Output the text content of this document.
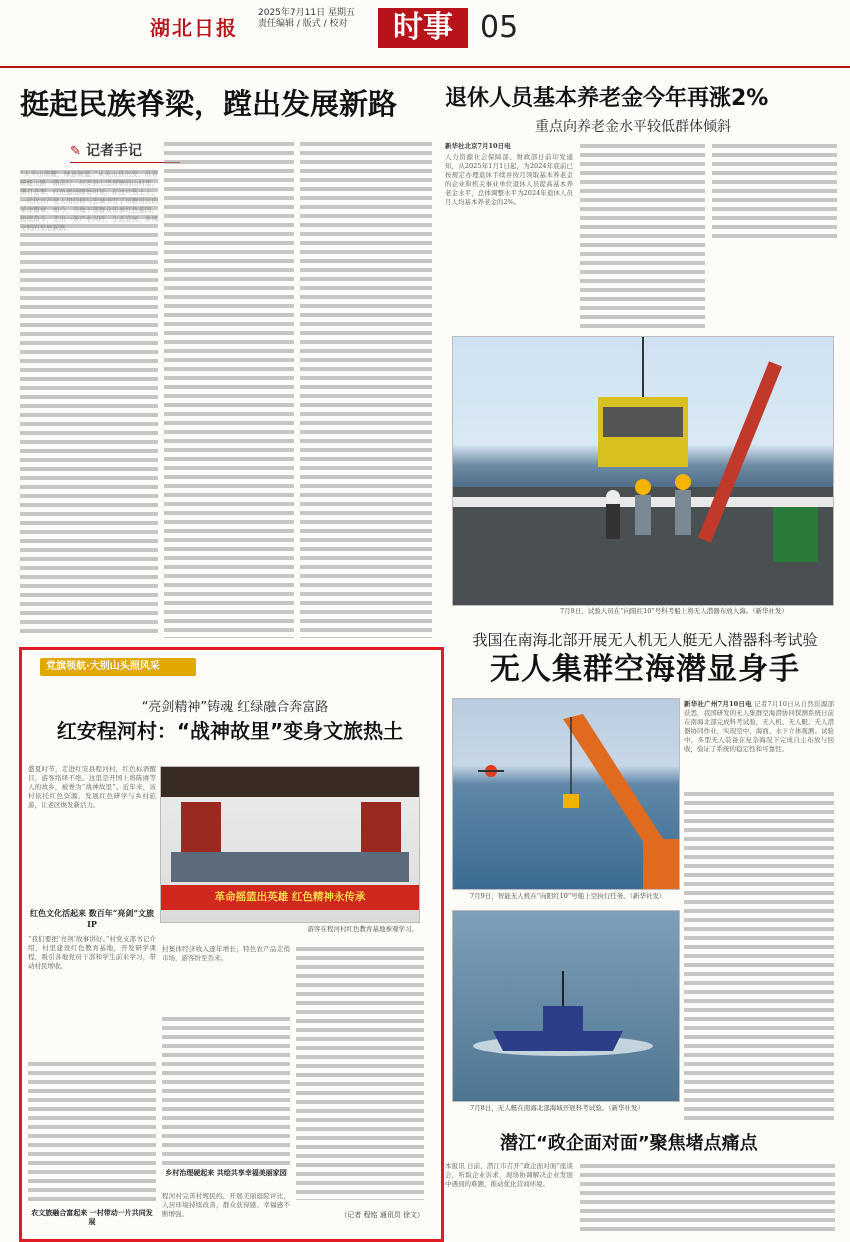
湖北日报
2025年7月11日 星期五
责任编辑 / 版式 / 校对	时事 05
挺起民族脊梁，蹚出发展新路
✎ 记者手记
退休人员基本养老金今年再涨2%
重点向养老金水平较低群体倾斜
新华社北京7月10日电
人力资源社会保障部、财政部日前印发通知，从2025年1月1日起，为2024年底前已按规定办理退休手续并按月领取基本养老金的企业和机关事业单位退休人员提高基本养老金水平，总体调整水平为2024年退休人员月人均基本养老金的2%。
7月8日，试验人员在“向阳红10”号科考船上将无人潜器布放入海。（新华社发）
我国在南海北部开展无人机无人艇无人潜器科考试验
无人集群空海潜显身手
7月9日，智能无人机在“向阳红10”号船上空执行任务。（新华社发）
新华社广州7月10日电 记者7月10日从自然资源部获悉，我国研发的无人集群空海潜协同探测系统日前在南海北部完成科考试验，无人机、无人艇、无人潜器协同作业，实现空中、海面、水下立体观测。试验中，多型无人装备在复杂海况下完成自主布放与回收，验证了系统的稳定性和可靠性。
7月8日，无人艇在南海北部海域开展科考试验。（新华社发）
潜江“政企面对面”聚焦堵点痛点
本报讯 日前，潜江市召开“政企面对面”座谈会，听取企业诉求，现场协调解决企业发展中遇到的难题，推动优化营商环境。
党旗领航·大别山头照风采
“亮剑精神”铸魂 红绿融合奔富路
红安程河村：“战神故里”变身文旅热土
盛夏时节，走进红安县程河村，红色标语醒目，游客络绎不绝。这里是开国上将陈赓等人的故乡，被誉为“战神故里”。近年来，该村依托红色资源，发展红色研学与乡村旅游，让老区焕发新活力。
革命摇篮出英雄 红色精神永传承
游客在程河村红色教育基地参观学习。
红色文化活起来 数百年“亮剑”文旅IP
“我们要把‘亮剑’故事讲好。”村党支部书记介绍，村里建设红色教育基地，开发研学课程，吸引各地党员干部和学生前来学习，带动村民增收。
农文旅融合富起来 一村带动一片共同发展
村集体经济收入逐年增长，特色农产品走俏市场，游客纷至沓来。
乡村治理硬起来 共绘共享幸福美丽家园
程河村完善村规民约，开展美丽庭院评比，人居环境持续改善，群众获得感、幸福感不断增强。	（记者 程铭 通讯员 徐文）
